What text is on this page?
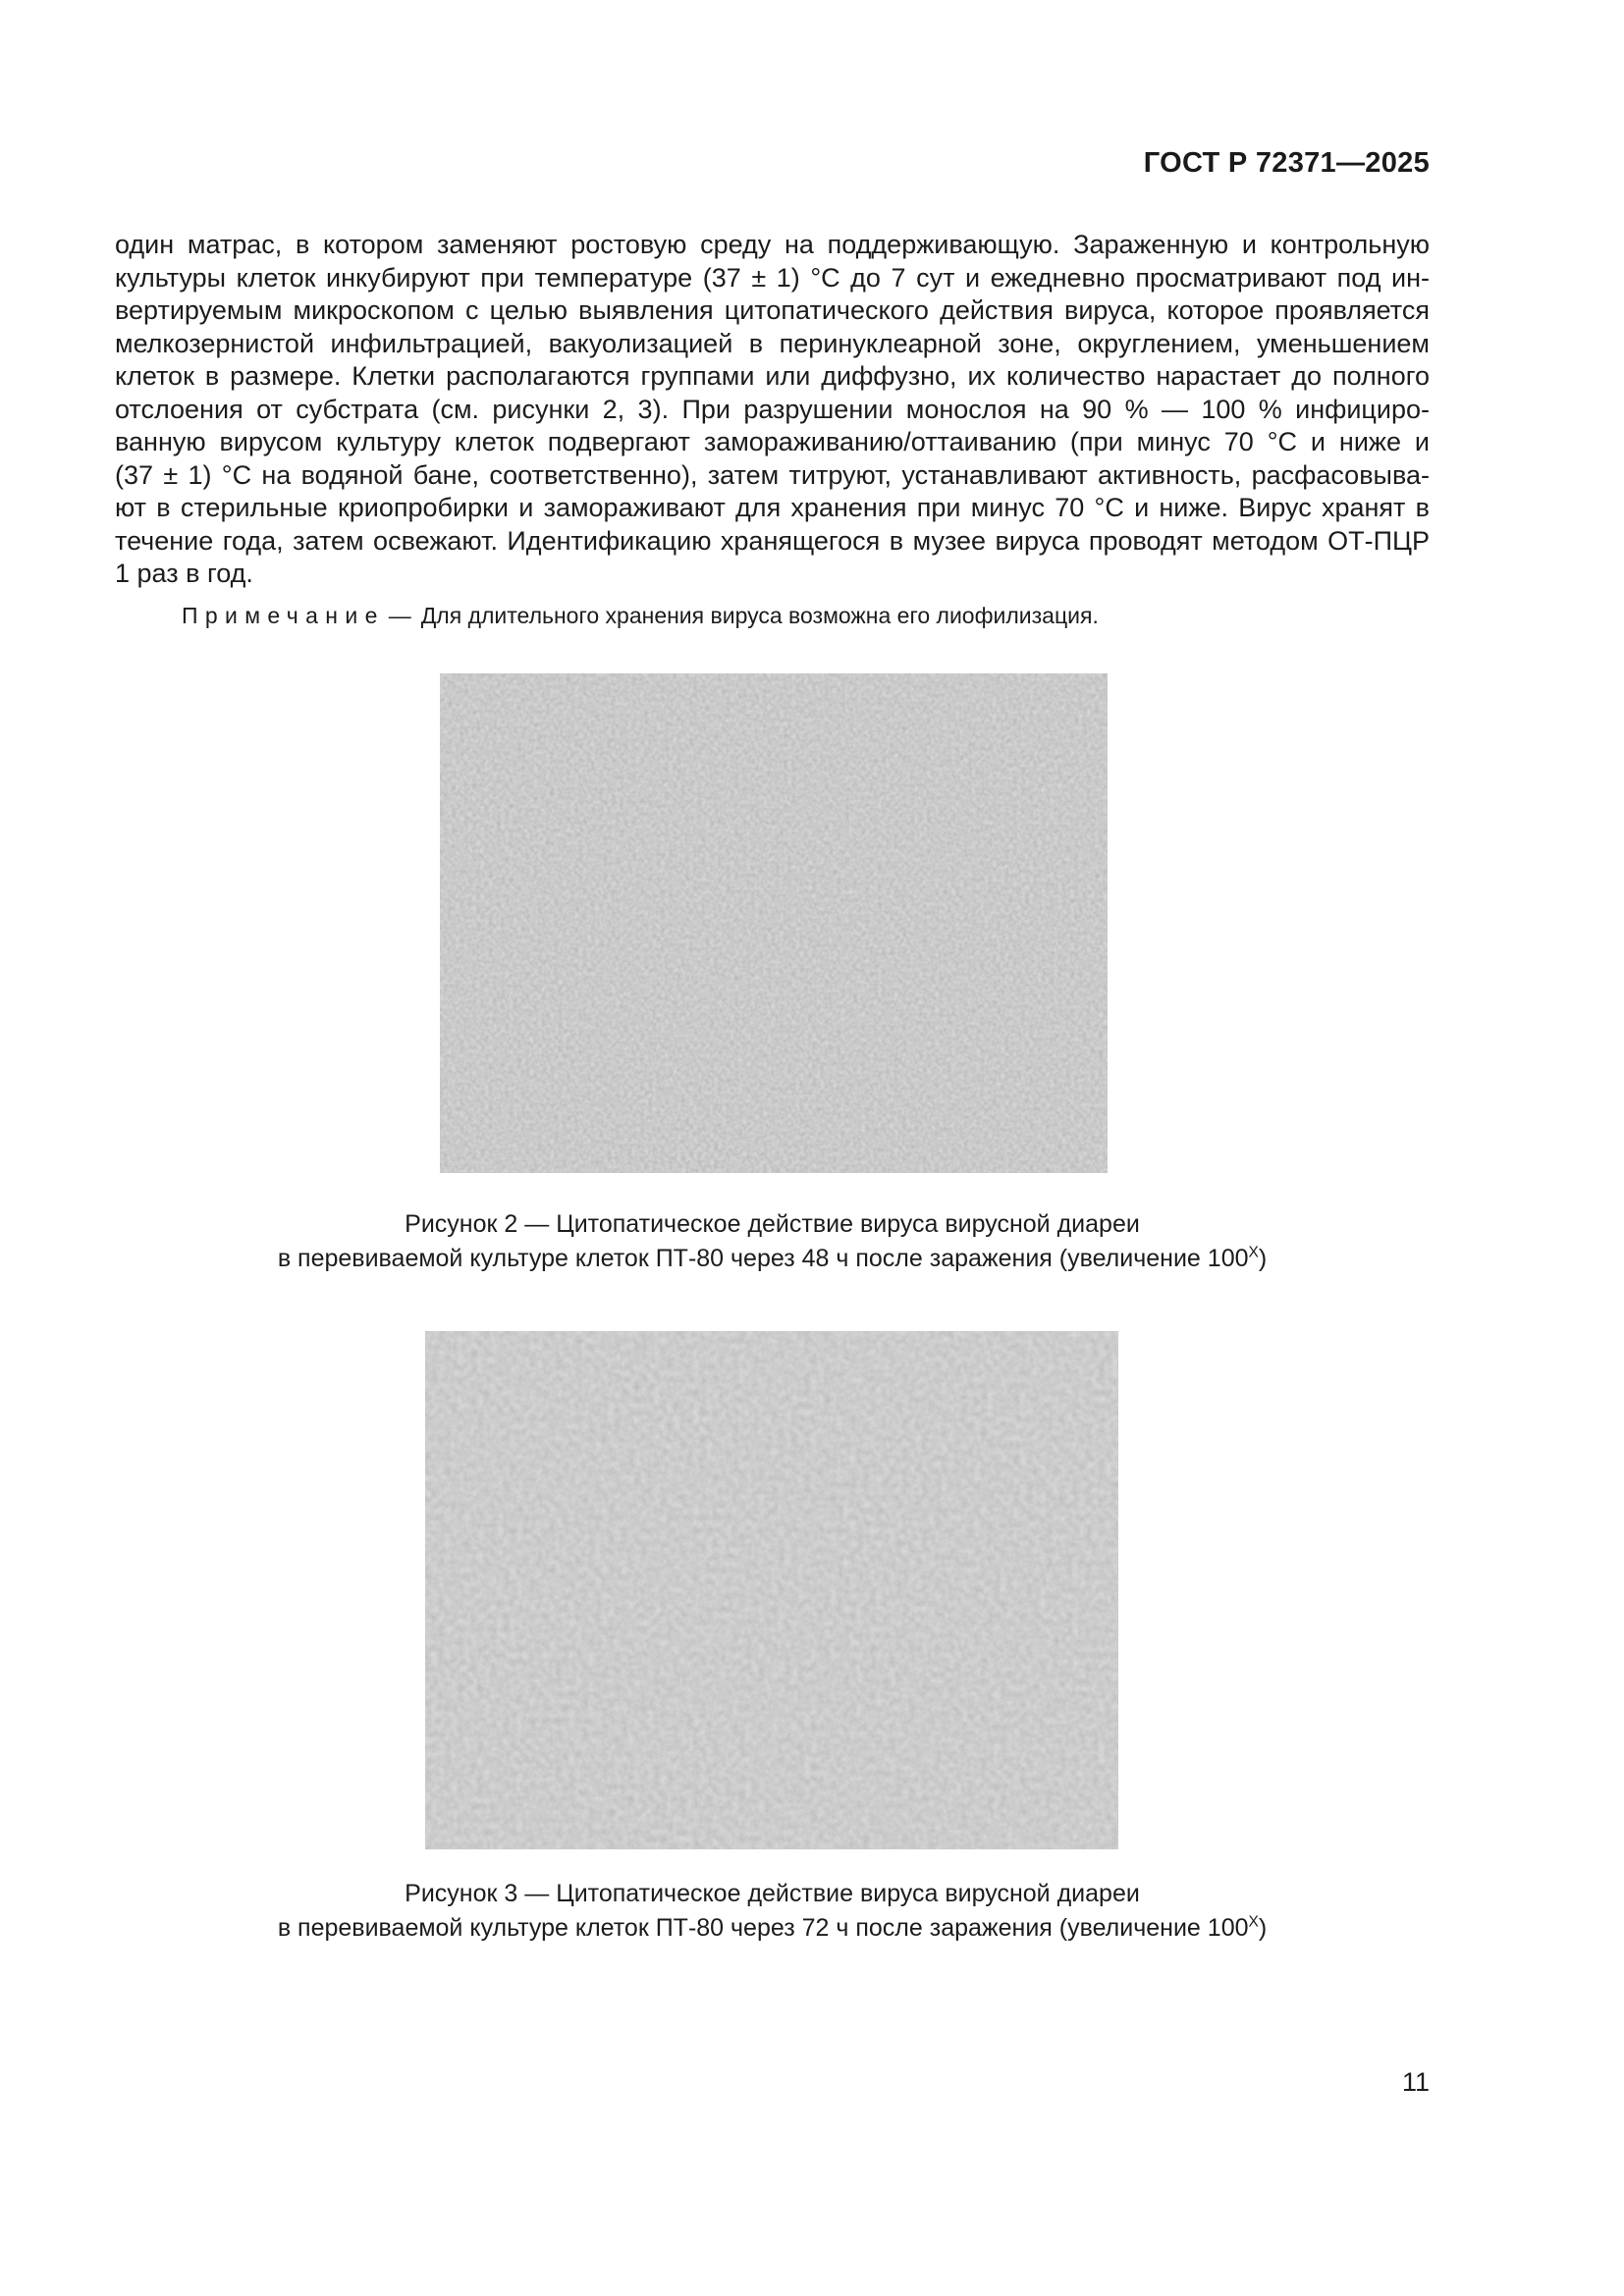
ГОСТ Р 72371—2025
один матрас, в котором заменяют ростовую среду на поддерживающую. Зараженную и контрольную
культуры клеток инкубируют при температуре (37 ± 1) °С до 7 сут и ежедневно просматривают под ин-
вертируемым микроскопом с целью выявления цитопатического действия вируса, которое проявляется
мелкозернистой инфильтрацией, вакуолизацией в перинуклеарной зоне, округлением, уменьшением
клеток в размере. Клетки располагаются группами или диффузно, их количество нарастает до полного
отслоения от субстрата (см. рисунки 2, 3). При разрушении монослоя на 90 % — 100 % инфициро-
ванную вирусом культуру клеток подвергают замораживанию/оттаиванию (при минус 70 °С и ниже и
(37 ± 1) °С на водяной бане, соответственно), затем титруют, устанавливают активность, расфасовыва-
ют в стерильные криопробирки и замораживают для хранения при минус 70 °С и ниже. Вирус хранят в
течение года, затем освежают. Идентификацию хранящегося в музее вируса проводят методом ОТ-ПЦР
1 раз в год.
Примечание — Для длительного хранения вируса возможна его лиофилизация.
Рисунок 2 — Цитопатическое действие вируса вирусной диареи
в перевиваемой культуре клеток ПТ-80 через 48 ч после заражения (увеличение $100^Х$)
Рисунок 3 — Цитопатическое действие вируса вирусной диареи
в перевиваемой культуре клеток ПТ-80 через 72 ч после заражения (увеличение $100^Х$)
11
